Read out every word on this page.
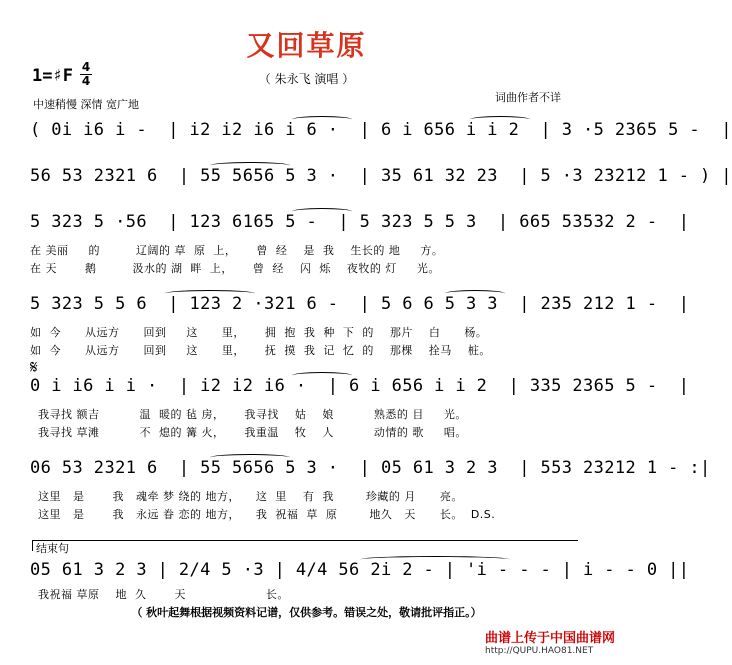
又回草原
（ 朱永飞 演唱 ）
1=♯F 4
4
中速稍慢 深情 宽广地
词曲作者不详
( 0i i6 i -  | i2 i2 i6 i 6 ·  | 6 i 656 i i 2  | 3 ·5 2365 5 -  |
56 53 2321 6  | 55 5656 5 3 ·  | 35 61 32 23  | 5 ·3 23212 1 - ) |
5 323 5 ·56  | 123 6165 5 -  | 5 323 5 5 3  | 665 53532 2 -  |
在 美丽     的         辽阔的 草  原  上，     曾  经    是  我    生长的 地     方。
在 天       鹅         汲水的 湖  畔  上，     曾  经    闪  烁    夜牧的 灯     光。
5 323 5 5 6  | 123 2 ·321 6 -  | 5 6 6 5 3 3  | 235 212 1 -  |
如  今      从远方      回到     这      里，     拥  抱  我  种  下  的    那片    白      杨。
如  今      从远方      回到     这      里，     抚  摸  我  记  忆  的    那棵    拴马    桩。
𝄋
0 i i6 i i ·  | i2 i2 i6 ·  | 6 i 656 i i 2  | 335 2365 5 -  |
我寻找 额吉          温  暖的 毡 房，     我寻找    姑    娘          熟悉的 目     光。
我寻找 草滩          不  熄的 篝 火，     我重温    牧    人          动情的 歌     唱。
06 53 2321 6  | 55 5656 5 3 ·  | 05 61 3 2 3  | 553 23212 1 - :|
这里   是       我   魂牵 梦 绕的 地方，    这  里    有  我        珍藏的 月      亮。
这里   是       我   永远 眷 恋的 地方，    我  祝福  草  原        地久   天      长。  D.S.
结束句
05 61 3 2 3 | 2/4 5 ·3 | 4/4 56 2i 2 - | 'i - - - | i - - 0 ||
我祝福 草原    地  久       天                    长。
（ 秋叶起舞根据视频资料记谱，仅供参考。错误之处，敬请批评指正。）
曲谱上传于中国曲谱网
http://QUPU.HAO81.NET
